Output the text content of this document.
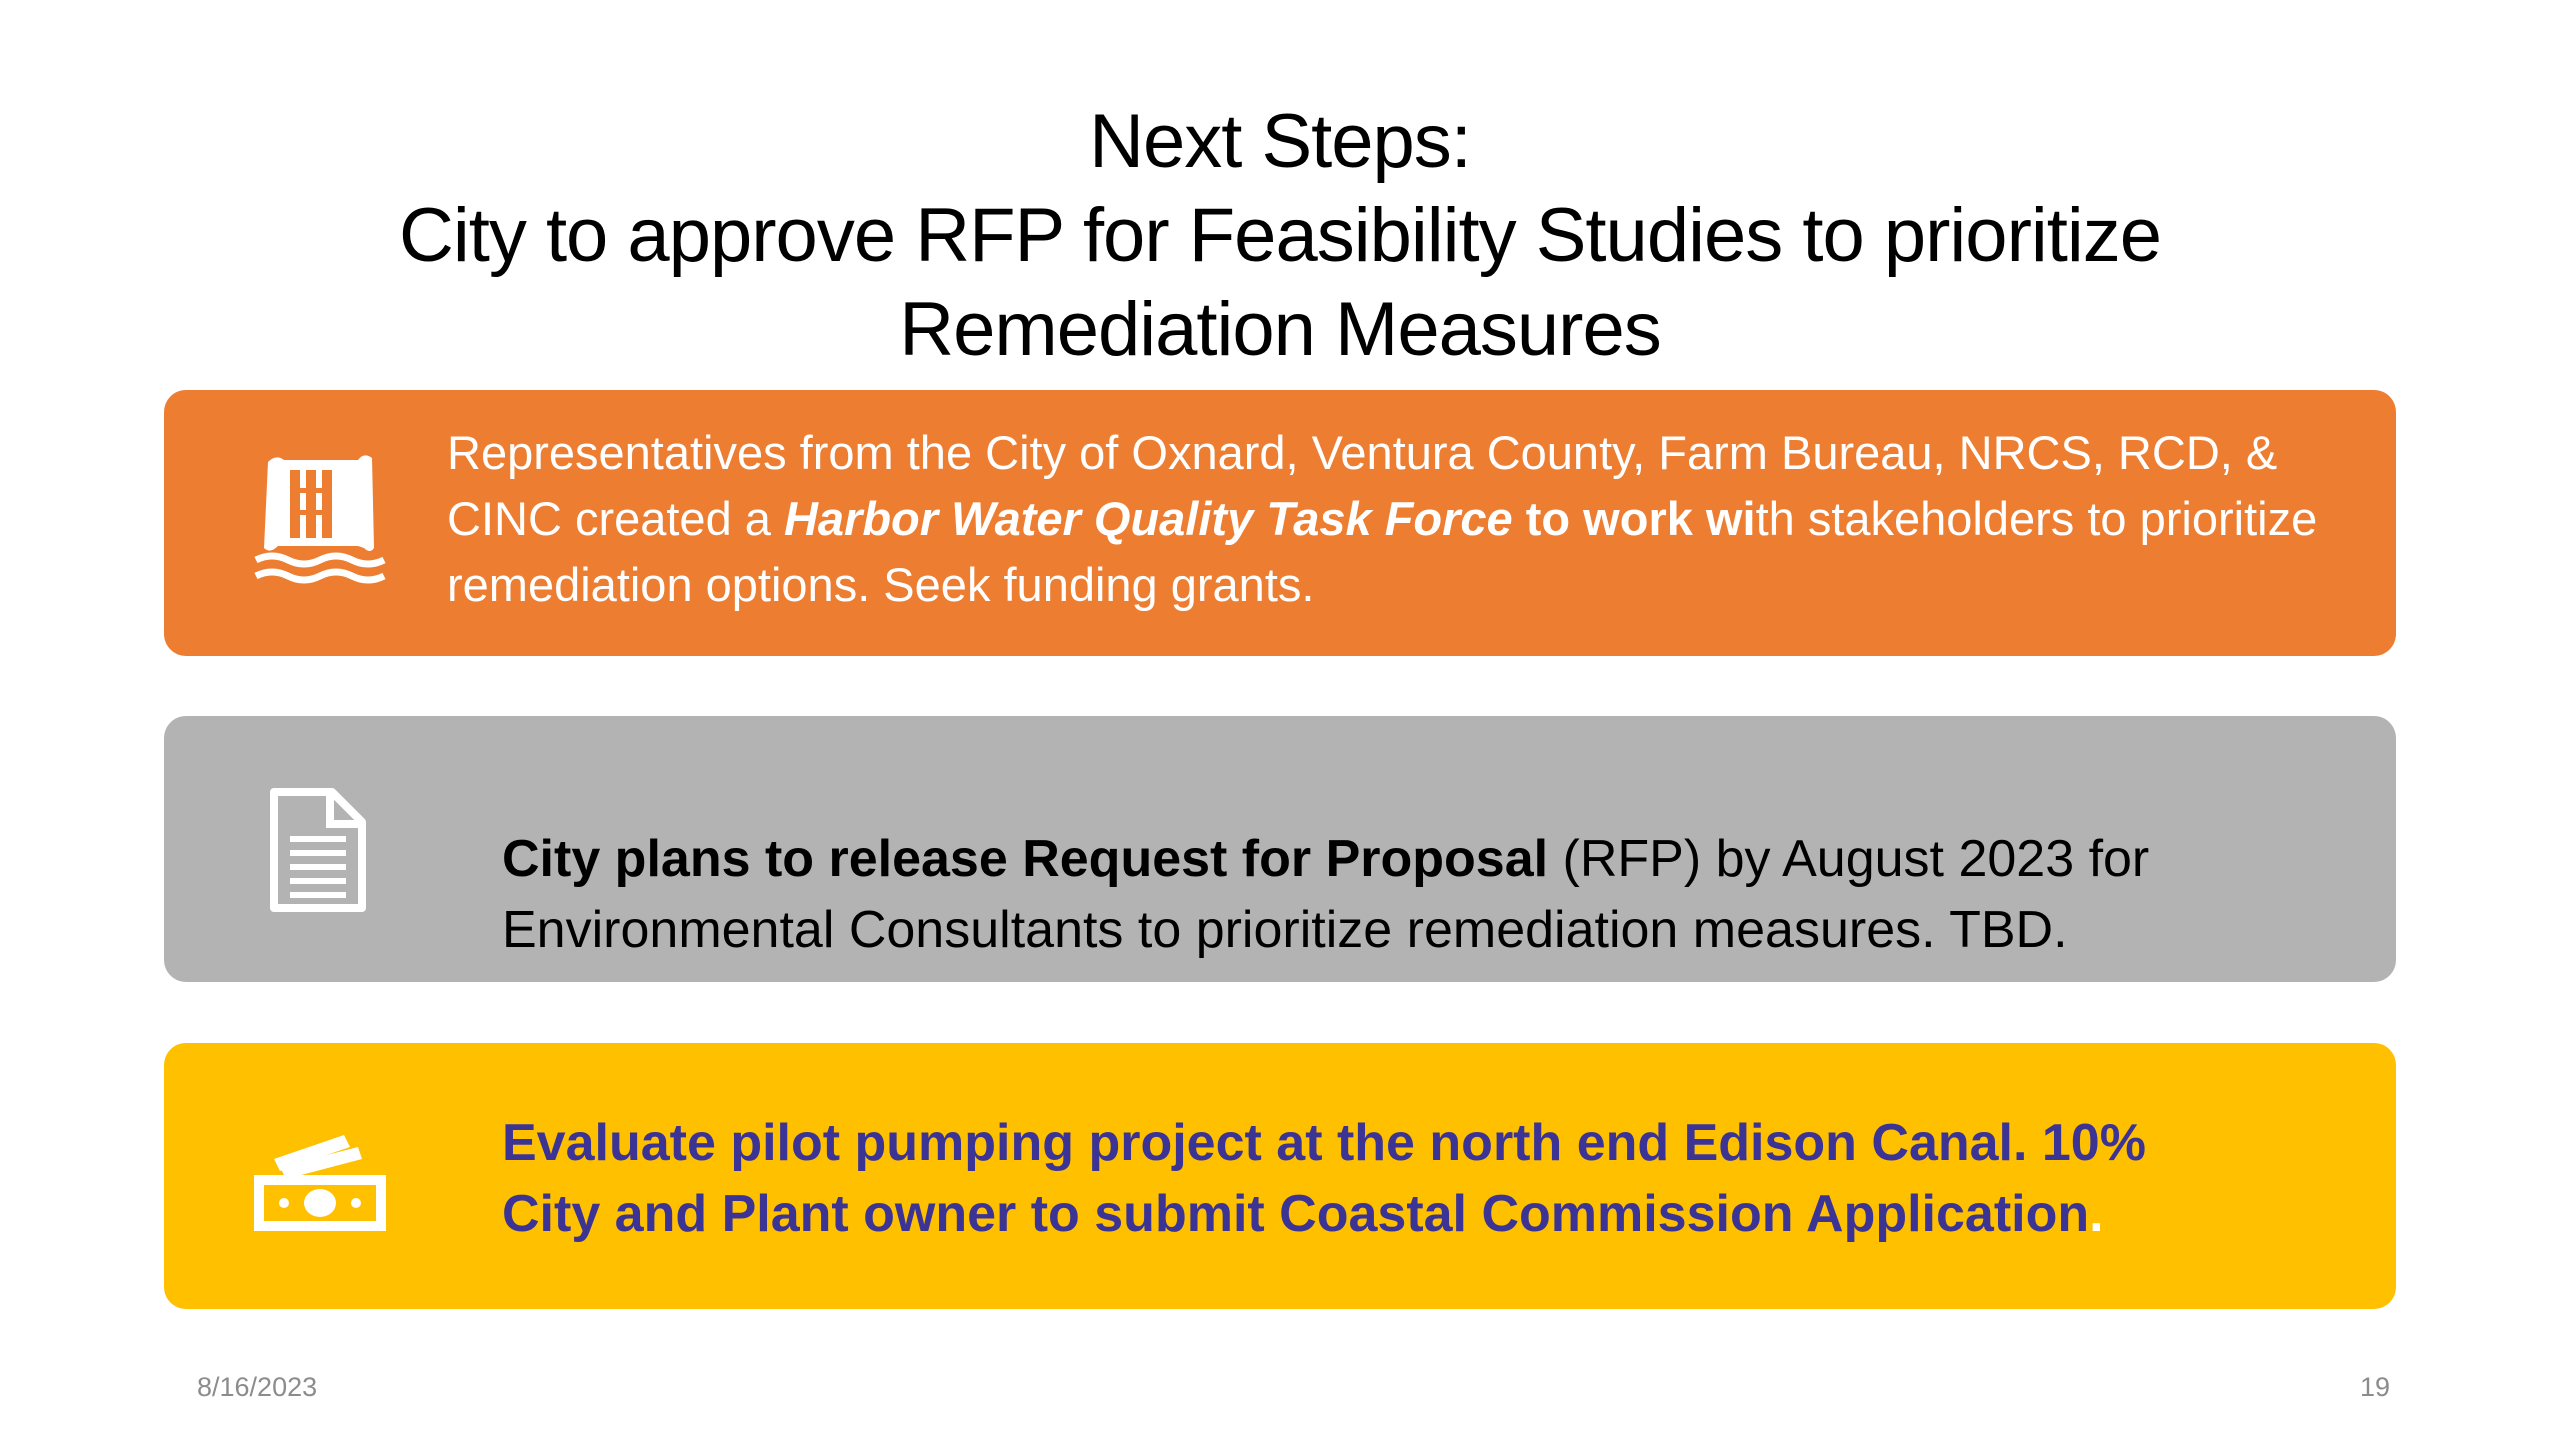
Next Steps:
City to approve RFP for Feasibility Studies to prioritize
Remediation Measures
Representatives from the City of Oxnard, Ventura County, Farm Bureau, NRCS, RCD, & CINC created a Harbor Water Quality Task Force to work with stakeholders to prioritize remediation options. Seek funding grants.
City plans to release Request for Proposal (RFP) by August 2023 for Environmental Consultants to prioritize remediation measures. TBD.
Evaluate pilot pumping project at the north end Edison Canal. 10%
City and Plant owner to submit Coastal Commission Application.
8/16/2023	19
